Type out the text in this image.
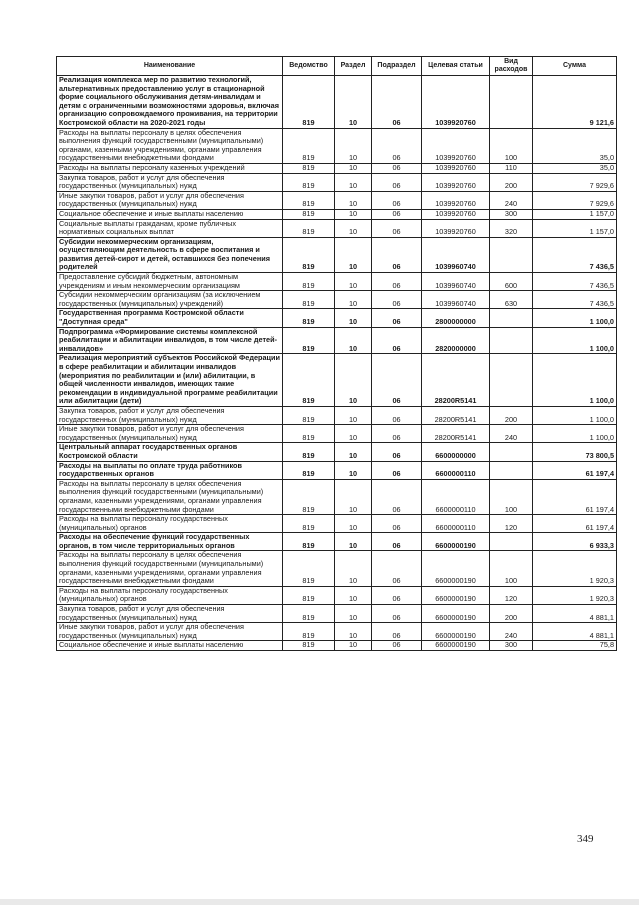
Наименование	Ведомство	Раздел	Подраздел	Целевая статьи	Вид расходов	Сумма
Реализация комплекса мер по развитию технологий, альтернативных предоставлению услуг в стационарной форме социального обслуживания детям-инвалидам и детям с ограниченными возможностями здоровья, включая организацию сопровождаемого проживания, на территории Костромской области на 2020-2021 годы	819	10	06	1039920760		9 121,6
Расходы на выплаты персоналу в целях обеспечения выполнения функций государственными (муниципальными) органами, казенными учреждениями, органами управления государственными внебюджетными фондами	819	10	06	1039920760	100	35,0
Расходы на выплаты персоналу казенных учреждений	819	10	06	1039920760	110	35,0
Закупка товаров, работ и услуг для обеспечения государственных (муниципальных) нужд	819	10	06	1039920760	200	7 929,6
Иные закупки товаров, работ и услуг для обеспечения государственных (муниципальных) нужд	819	10	06	1039920760	240	7 929,6
Социальное обеспечение и иные выплаты населению	819	10	06	1039920760	300	1 157,0
Социальные выплаты гражданам, кроме публичных нормативных социальных выплат	819	10	06	1039920760	320	1 157,0
Субсидии некоммерческим организациям, осуществляющим деятельность в сфере воспитания и развития детей-сирот и детей, оставшихся без попечения родителей	819	10	06	1039960740		7 436,5
Предоставление субсидий бюджетным, автономным учреждениям и иным некоммерческим организациям	819	10	06	1039960740	600	7 436,5
Субсидии некоммерческим организациям (за исключением государственных (муниципальных) учреждений)	819	10	06	1039960740	630	7 436,5
Государственная программа Костромской области "Доступная среда"	819	10	06	2800000000		1 100,0
Подпрограмма «Формирование системы комплексной реабилитации и абилитации инвалидов, в том числе детей-инвалидов»	819	10	06	2820000000		1 100,0
Реализация мероприятий субъектов Российской Федерации в сфере реабилитации и абилитации инвалидов (мероприятия по реабилитации и (или) абилитации, в общей численности инвалидов, имеющих такие рекомендации в индивидуальной программе реабилитации или абилитации (дети)	819	10	06	28200R5141		1 100,0
Закупка товаров, работ и услуг для обеспечения государственных (муниципальных) нужд	819	10	06	28200R5141	200	1 100,0
Иные закупки товаров, работ и услуг для обеспечения государственных (муниципальных) нужд	819	10	06	28200R5141	240	1 100,0
Центральный аппарат государственных органов Костромской области	819	10	06	6600000000		73 800,5
Расходы на выплаты по оплате труда работников государственных органов	819	10	06	6600000110		61 197,4
Расходы на выплаты персоналу в целях обеспечения выполнения функций государственными (муниципальными) органами, казенными учреждениями, органами управления государственными внебюджетными фондами	819	10	06	6600000110	100	61 197,4
Расходы на выплаты персоналу государственных (муниципальных) органов	819	10	06	6600000110	120	61 197,4
Расходы на обеспечение функций государственных органов, в том числе территориальных органов	819	10	06	6600000190		6 933,3
Расходы на выплаты персоналу в целях обеспечения выполнения функций государственными (муниципальными) органами, казенными учреждениями, органами управления государственными внебюджетными фондами	819	10	06	6600000190	100	1 920,3
Расходы на выплаты персоналу государственных (муниципальных) органов	819	10	06	6600000190	120	1 920,3
Закупка товаров, работ и услуг для обеспечения государственных (муниципальных) нужд	819	10	06	6600000190	200	4 881,1
Иные закупки товаров, работ и услуг для обеспечения государственных (муниципальных) нужд	819	10	06	6600000190	240	4 881,1
Социальное обеспечение и иные выплаты населению	819	10	06	6600000190	300	75,8
349
